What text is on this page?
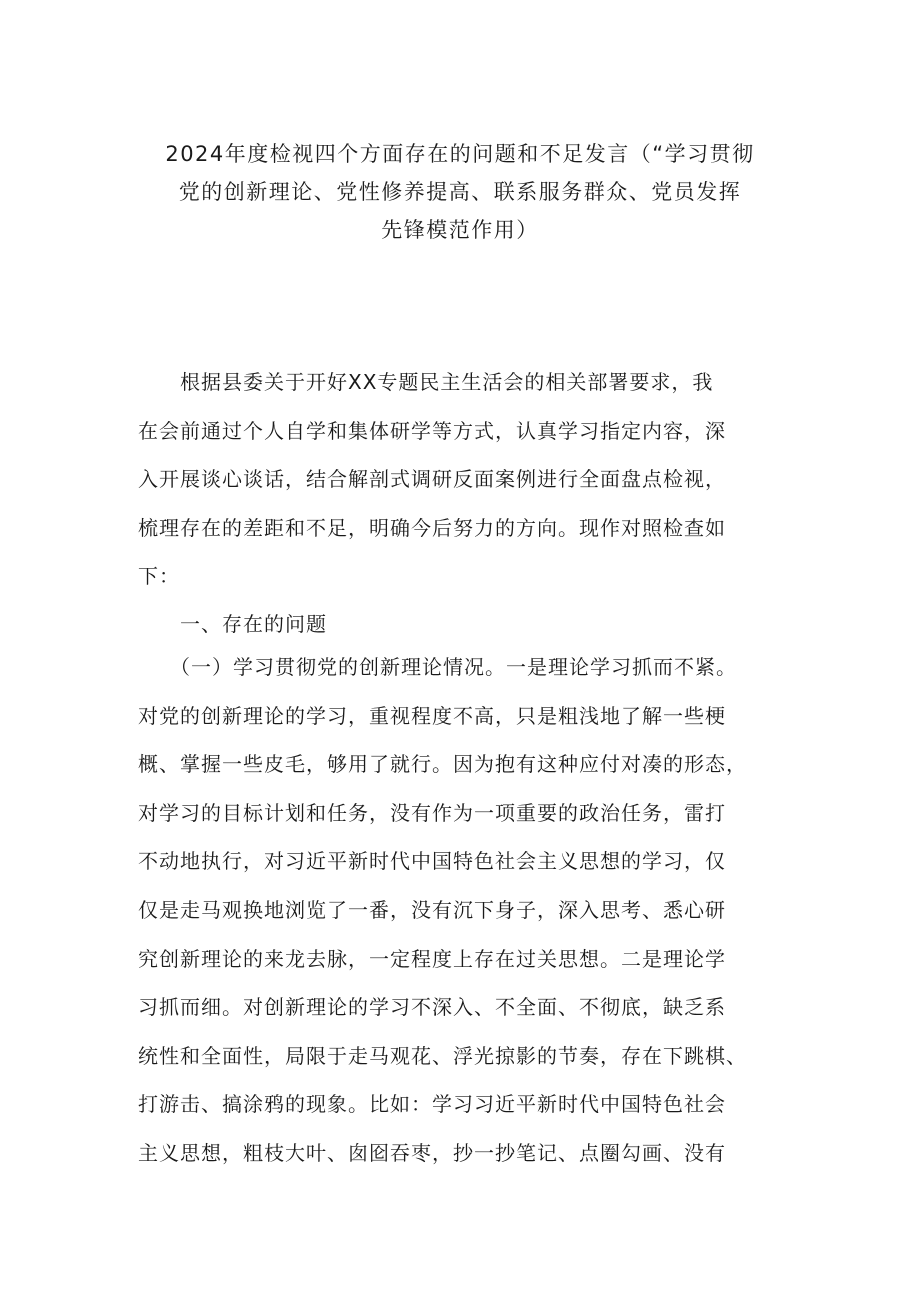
2024年度检视四个方面存在的问题和不足发言（“学习贯彻
党的创新理论、党性修养提高、联系服务群众、党员发挥
先锋模范作用）
　　根据县委关于开好XX专题民主生活会的相关部署要求，我
在会前通过个人自学和集体研学等方式，认真学习指定内容，深
入开展谈心谈话，结合解剖式调研反面案例进行全面盘点检视，
梳理存在的差距和不足，明确今后努力的方向。现作对照检查如
下：
　　一、存在的问题
　　（一）学习贯彻党的创新理论情况。一是理论学习抓而不紧。
对党的创新理论的学习，重视程度不高，只是粗浅地了解一些梗
概、掌握一些皮毛，够用了就行。因为抱有这种应付对凑的形态，
对学习的目标计划和任务，没有作为一项重要的政治任务，雷打
不动地执行，对习近平新时代中国特色社会主义思想的学习，仅
仅是走马观换地浏览了一番，没有沉下身子，深入思考、悉心研
究创新理论的来龙去脉，一定程度上存在过关思想。二是理论学
习抓而细。对创新理论的学习不深入、不全面、不彻底，缺乏系
统性和全面性，局限于走马观花、浮光掠影的节奏，存在下跳棋、
打游击、搞涂鸦的现象。比如：学习习近平新时代中国特色社会
主义思想，粗枝大叶、囱囵吞枣，抄一抄笔记、点圈勾画、没有
